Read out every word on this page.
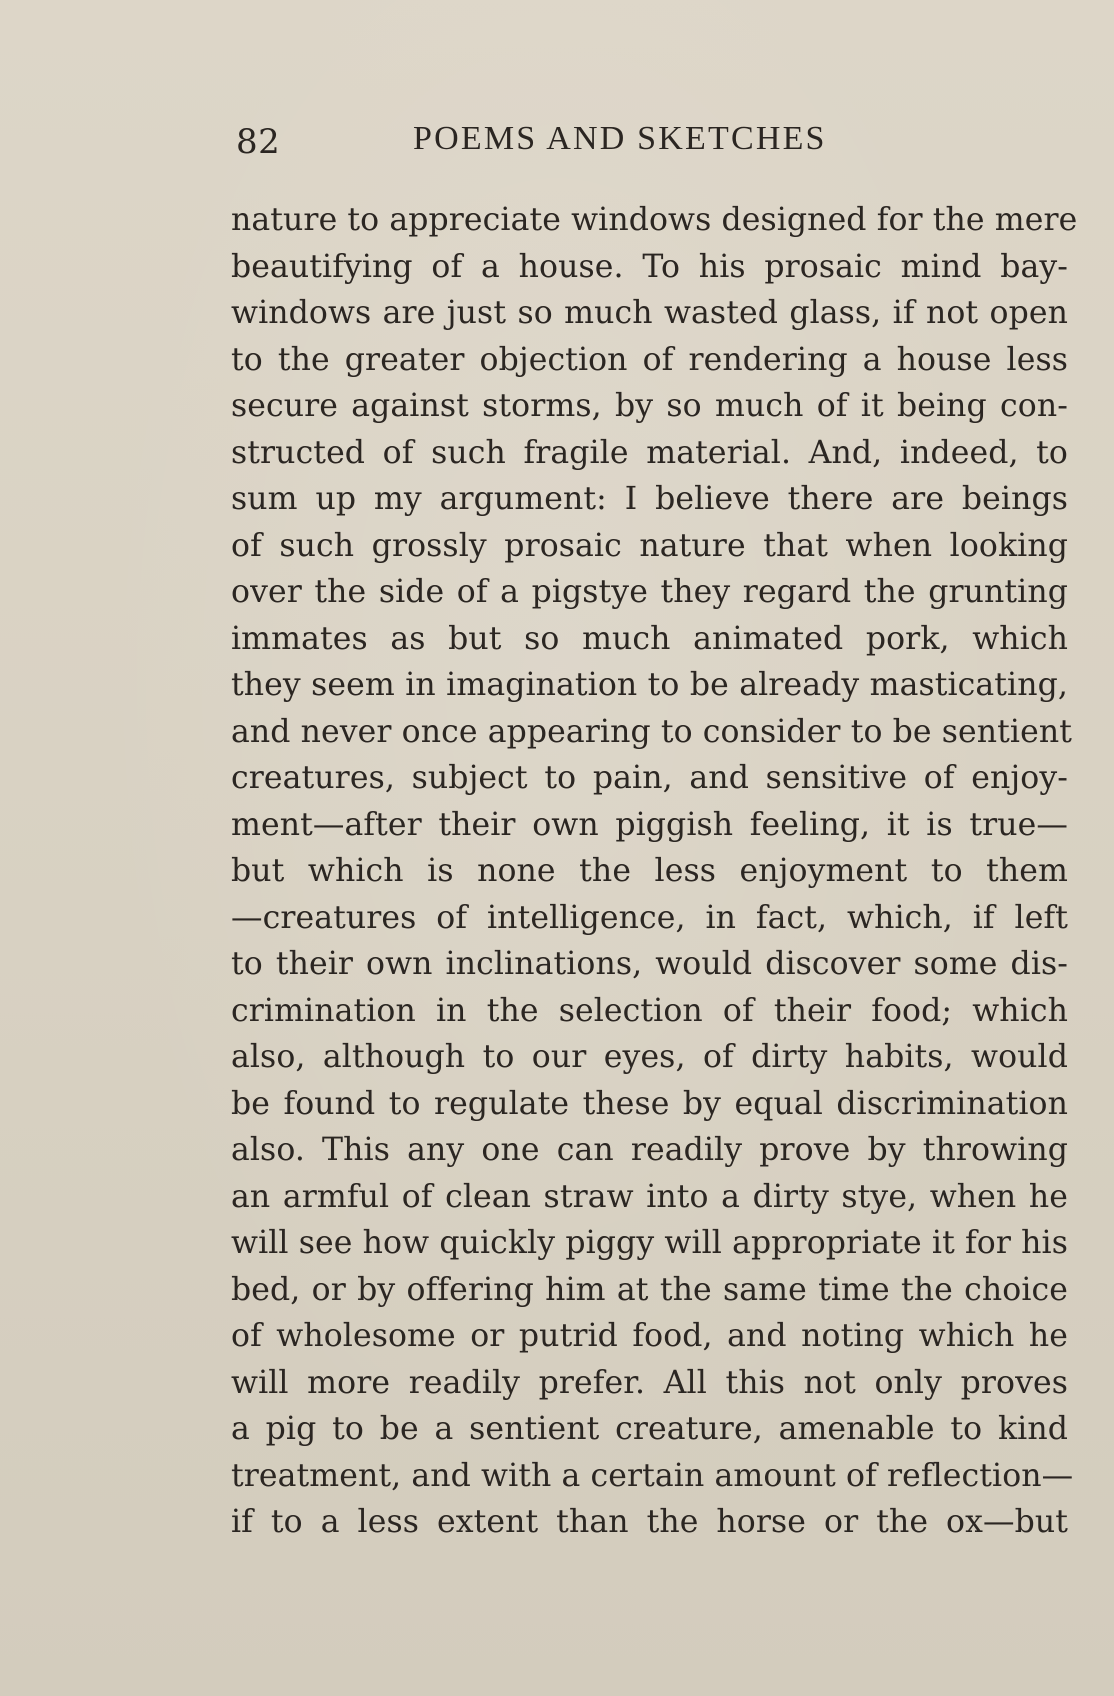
82	POEMS AND SKETCHES
nature to appreciate windows designed for the mere
beautifying of a house. To his prosaic mind bay-
windows are just so much wasted glass, if not open
to the greater objection of rendering a house less
secure against storms, by so much of it being con-
structed of such fragile material. And, indeed, to
sum up my argument: I believe there are beings
of such grossly prosaic nature that when looking
over the side of a pigstye they regard the grunting
immates as but so much animated pork, which
they seem in imagination to be already masticating,
and never once appearing to consider to be sentient
creatures, subject to pain, and sensitive of enjoy-
ment—after their own piggish feeling, it is true—
but which is none the less enjoyment to them
—creatures of intelligence, in fact, which, if left
to their own inclinations, would discover some dis-
crimination in the selection of their food; which
also, although to our eyes, of dirty habits, would
be found to regulate these by equal discrimination
also. This any one can readily prove by throwing
an armful of clean straw into a dirty stye, when he
will see how quickly piggy will appropriate it for his
bed, or by offering him at the same time the choice
of wholesome or putrid food, and noting which he
will more readily prefer. All this not only proves
a pig to be a sentient creature, amenable to kind
treatment, and with a certain amount of reflection—
if to a less extent than the horse or the ox—but
